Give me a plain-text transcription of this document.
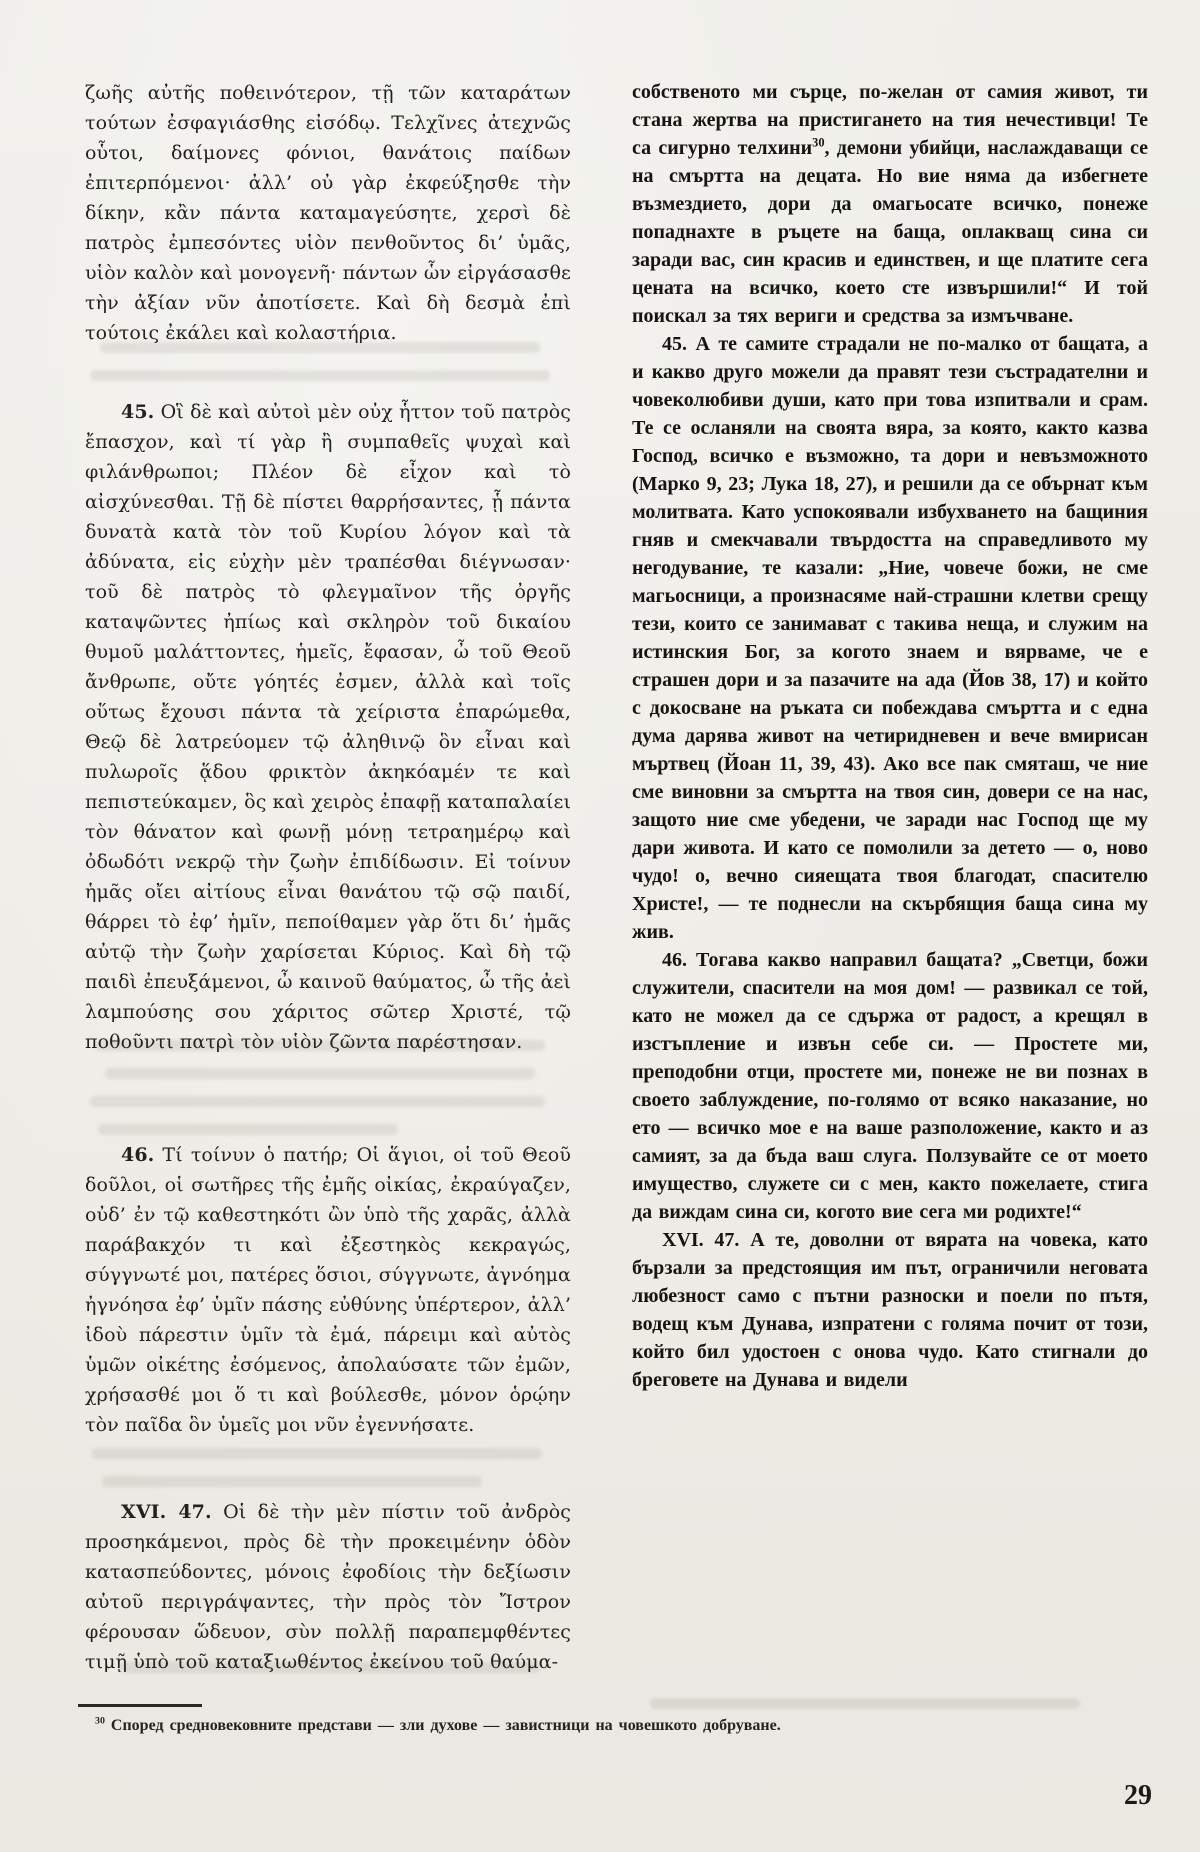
ζωῆς αὐτῆς ποθεινότερον, τῇ τῶν καταράτων τούτων ἐσφαγιάσθης εἰσόδῳ. Τελχῖνες ἀτεχνῶς οὗτοι, δαίμονες φόνιοι, θανάτοις παίδων ἐπιτερπόμενοι· ἀλλ’ οὐ γὰρ ἐκφεύξησθε τὴν δίκην, κἂν πάντα καταμαγεύσητε, χερσὶ δὲ πατρὸς ἐμπεσόντες υἱὸν πενθοῦντος δι’ ὑμᾶς, υἱὸν καλὸν καὶ μονογενῆ· πάντων ὧν εἰργάσασθε τὴν ἀξίαν νῦν ἀποτίσετε. Καὶ δὴ δεσμὰ ἐπὶ τούτοις ἐκάλει καὶ κολαστήρια.

45. Οἳ δὲ καὶ αὐτοὶ μὲν οὐχ ἧττον τοῦ πατρὸς ἔπασχον, καὶ τί γὰρ ἢ συμπαθεῖς ψυχαὶ καὶ φιλάνθρωποι; Πλέον δὲ εἶχον καὶ τὸ αἰσχύνεσθαι. Τῇ δὲ πίστει θαρρήσαντες, ᾗ πάντα δυνατὰ κατὰ τὸν τοῦ Κυρίου λόγον καὶ τὰ ἀδύνατα, εἰς εὐχὴν μὲν τραπέσθαι διέγνωσαν· τοῦ δὲ πατρὸς τὸ φλεγμαῖνον τῆς ὀργῆς καταψῶντες ἠπίως καὶ σκληρὸν τοῦ δικαίου θυμοῦ μαλάττοντες, ἡμεῖς, ἔφασαν, ὦ τοῦ Θεοῦ ἄνθρωπε, οὔτε γόητές ἐσμεν, ἀλλὰ καὶ τοῖς οὕτως ἔχουσι πάντα τὰ χείριστα ἐπαρώμεθα, Θεῷ δὲ λατρεύομεν τῷ ἀληθινῷ ὃν εἶναι καὶ πυλωροῖς ᾅδου φρικτὸν ἀκηκόαμέν τε καὶ πεπιστεύκαμεν, ὃς καὶ χειρὸς ἐπαφῇ καταπαλαίει τὸν θάνατον καὶ φωνῇ μόνῃ τετραημέρῳ καὶ ὀδωδότι νεκρῷ τὴν ζωὴν ἐπιδίδωσιν. Εἰ τοίνυν ἡμᾶς οἴει αἰτίους εἶναι θανάτου τῷ σῷ παιδί, θάρρει τὸ ἐφ’ ἡμῖν, πεποίθαμεν γὰρ ὅτι δι’ ἡμᾶς αὐτῷ τὴν ζωὴν χαρίσεται Κύριος. Καὶ δὴ τῷ παιδὶ ἐπευξάμενοι, ὦ καινοῦ θαύματος, ὦ τῆς ἀεὶ λαμπούσης σου χάριτος σῶτερ Χριστέ, τῷ ποθοῦντι πατρὶ τὸν υἱὸν ζῶντα παρέστησαν.

46. Τί τοίνυν ὁ πατήρ; Οἱ ἅγιοι, οἱ τοῦ Θεοῦ δοῦλοι, οἱ σωτῆρες τῆς ἐμῆς οἰκίας, ἐκραύγαζεν, οὐδ’ ἐν τῷ καθεστηκότι ὢν ὑπὸ τῆς χαρᾶς, ἀλλὰ παράβακχόν τι καὶ ἐξεστηκὸς κεκραγώς, σύγγνωτέ μοι, πατέρες ὅσιοι, σύγγνωτε, ἀγνόημα ἠγνόησα ἐφ’ ὑμῖν πάσης εὐθύνης ὑπέρτερον, ἀλλ’ ἰδοὺ πάρεστιν ὑμῖν τὰ ἐμά, πάρειμι καὶ αὐτὸς ὑμῶν οἰκέτης ἐσόμενος, ἀπολαύσατε τῶν ἐμῶν, χρήσασθέ μοι ὅ τι καὶ βούλεσθε, μόνον ὁρῴην τὸν παῖδα ὃν ὑμεῖς μοι νῦν ἐγεννήσατε.

XVI. 47. Οἱ δὲ τὴν μὲν πίστιν τοῦ ἀνδρὸς προσηκάμενοι, πρὸς δὲ τὴν προκειμένην ὁδὸν κατασπεύδοντες, μόνοις ἐφοδίοις τὴν δεξίωσιν αὐτοῦ περιγράψαντες, τὴν πρὸς τὸν Ἴστρον φέρουσαν ὥδευον, σὺν πολλῇ παραπεμφθέντες τιμῇ ὑπὸ τοῦ καταξιωθέντος ἐκείνου τοῦ θαύμα-

собственото ми сърце, по-желан от самия живот, ти стана жертва на пристигането на тия нечестивци! Те са сигурно телхини$^{30}$, демони убийци, наслаждаващи се на смъртта на децата. Но вие няма да избегнете възмездието, дори да омагьосате всичко, понеже попаднахте в ръцете на баща, оплакващ сина си заради вас, син красив и единствен, и ще платите сега цената на всичко, което сте извършили!“ И той поискал за тях вериги и средства за измъчване.

45. А те самите страдали не по-малко от бащата, а и какво друго можели да правят тези състрадателни и човеколюбиви души, като при това изпитвали и срам. Те се осланяли на своята вяра, за която, както казва Господ, всичко е възможно, та дори и невъзможното (Марко 9, 23; Лука 18, 27), и решили да се обърнат към молитвата. Като успокоявали избухването на бащиния гняв и смекчавали твърдостта на справедливото му негодувание, те казали: „Ние, човече божи, не сме магьосници, а произнасяме най-страшни клетви срещу тези, които се занимават с такива неща, и служим на истинския Бог, за когото знаем и вярваме, че е страшен дори и за пазачите на ада (Йов 38, 17) и който с докосване на ръката си побеждава смъртта и с една дума дарява живот на четиридневен и вече вмирисан мъртвец (Йоан 11, 39, 43). Ако все пак смяташ, че ние сме виновни за смъртта на твоя син, довери се на нас, защото ние сме убедени, че заради нас Господ ще му дари живота. И като се помолили за детето — о, ново чудо! о, вечно сияещата твоя благодат, спасителю Христе!, — те поднесли на скърбящия баща сина му жив.

46. Тогава какво направил бащата? „Светци, божи служители, спасители на моя дом! — развикал се той, като не можел да се сдържа от радост, а крещял в изстъпление и извън себе си. — Простете ми, преподобни отци, простете ми, понеже не ви познах в своето заблуждение, по-голямо от всяко наказание, но ето — всичко мое е на ваше разположение, както и аз самият, за да бъда ваш слуга. Ползувайте се от моето имущество, служете си с мен, както пожелаете, стига да виждам сина си, когото вие сега ми родихте!“

XVI. 47. А те, доволни от вярата на човека, като бързали за предстоящия им път, ограничили неговата любезност само с пътни разноски и поели по пътя, водещ към Дунава, изпратени с голяма почит от този, който бил удостоен с онова чудо. Като стигнали до бреговете на Дунава и видели

$^{30}$ Според средновековните представи — зли духове — завистници на човешкото добруване.
29
